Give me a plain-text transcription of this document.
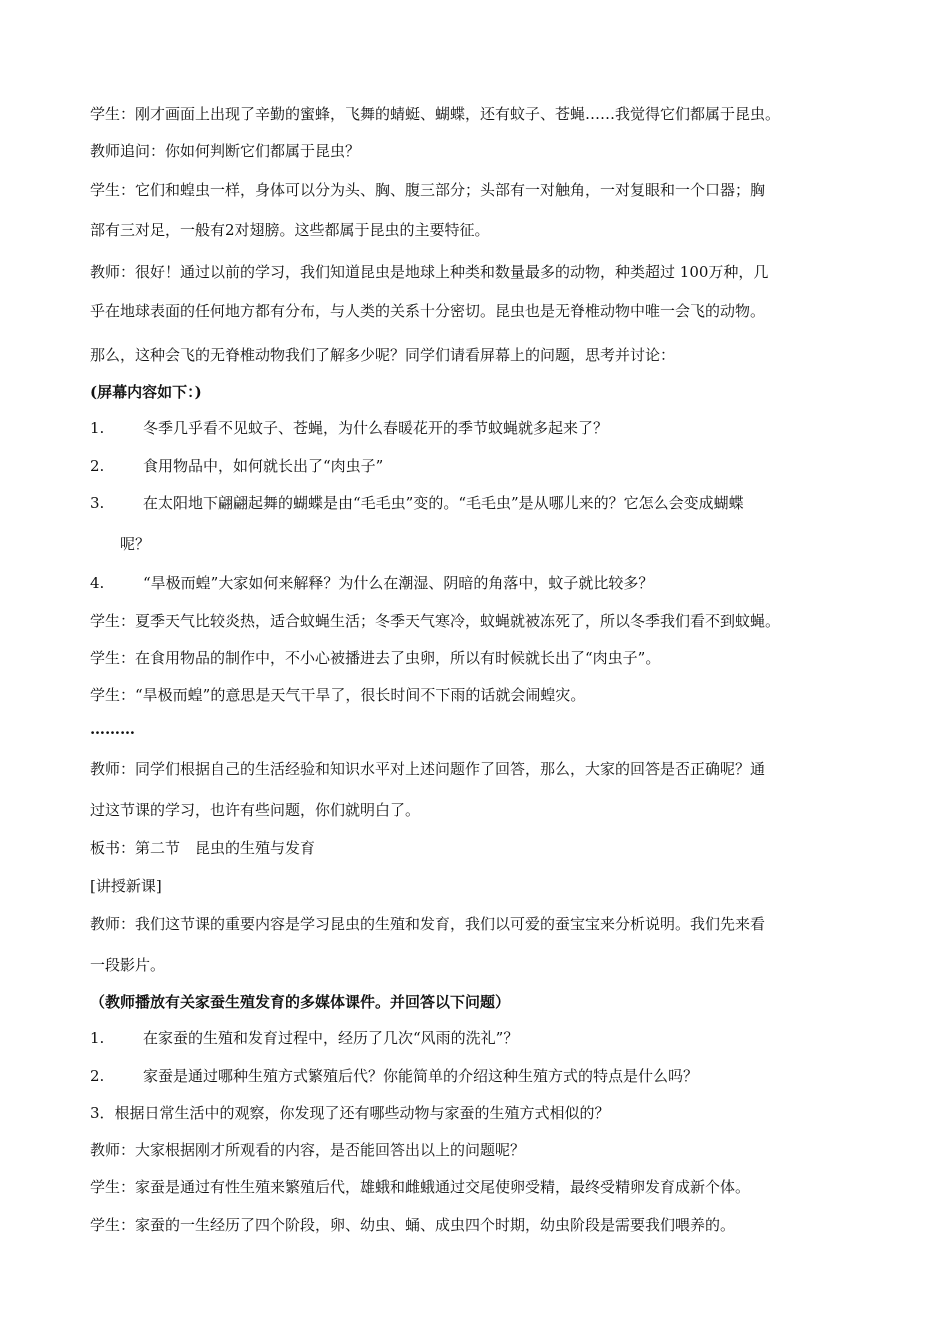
学生：刚才画面上出现了辛勤的蜜蜂，飞舞的蜻蜓、蝴蝶，还有蚊子、苍蝇……我觉得它们都属于昆虫。
教师追问：你如何判断它们都属于昆虫？
学生：它们和蝗虫一样，身体可以分为头、胸、腹三部分；头部有一对触角，一对复眼和一个口器；胸
部有三对足，一般有2对翅膀。这些都属于昆虫的主要特征。
教师：很好！通过以前的学习，我们知道昆虫是地球上种类和数量最多的动物，种类超过 100万种，几
乎在地球表面的任何地方都有分布，与人类的关系十分密切。昆虫也是无脊椎动物中唯一会飞的动物。
那么，这种会飞的无脊椎动物我们了解多少呢？同学们请看屏幕上的问题，思考并讨论：
(屏幕内容如下：)
1.	冬季几乎看不见蚊子、苍蝇，为什么春暖花开的季节蚊蝇就多起来了？
2.	食用物品中，如何就长出了“肉虫子”
3.	在太阳地下翩翩起舞的蝴蝶是由“毛毛虫”变的。“毛毛虫”是从哪儿来的？它怎么会变成蝴蝶
呢？
4.	“旱极而蝗”大家如何来解释？为什么在潮湿、阴暗的角落中，蚊子就比较多？
学生：夏季天气比较炎热，适合蚊蝇生活；冬季天气寒冷，蚊蝇就被冻死了，所以冬季我们看不到蚊蝇。
学生：在食用物品的制作中，不小心被播进去了虫卵，所以有时候就长出了“肉虫子”。
学生：“旱极而蝗”的意思是天气干旱了，很长时间不下雨的话就会闹蝗灾。
………
教师：同学们根据自己的生活经验和知识水平对上述问题作了回答，那么，大家的回答是否正确呢？通
过这节课的学习，也许有些问题，你们就明白了。
板书：第二节　昆虫的生殖与发育
[讲授新课]
教师：我们这节课的重要内容是学习昆虫的生殖和发育，我们以可爱的蚕宝宝来分析说明。我们先来看
一段影片。
（教师播放有关家蚕生殖发育的多媒体课件。并回答以下问题）
1.	在家蚕的生殖和发育过程中，经历了几次“风雨的洗礼”？
2.	家蚕是通过哪种生殖方式繁殖后代？你能简单的介绍这种生殖方式的特点是什么吗？
3．根据日常生活中的观察，你发现了还有哪些动物与家蚕的生殖方式相似的？
教师：大家根据刚才所观看的内容，是否能回答出以上的问题呢？
学生：家蚕是通过有性生殖来繁殖后代，雄蛾和雌蛾通过交尾使卵受精，最终受精卵发育成新个体。
学生：家蚕的一生经历了四个阶段，卵、幼虫、蛹、成虫四个时期，幼虫阶段是需要我们喂养的。
